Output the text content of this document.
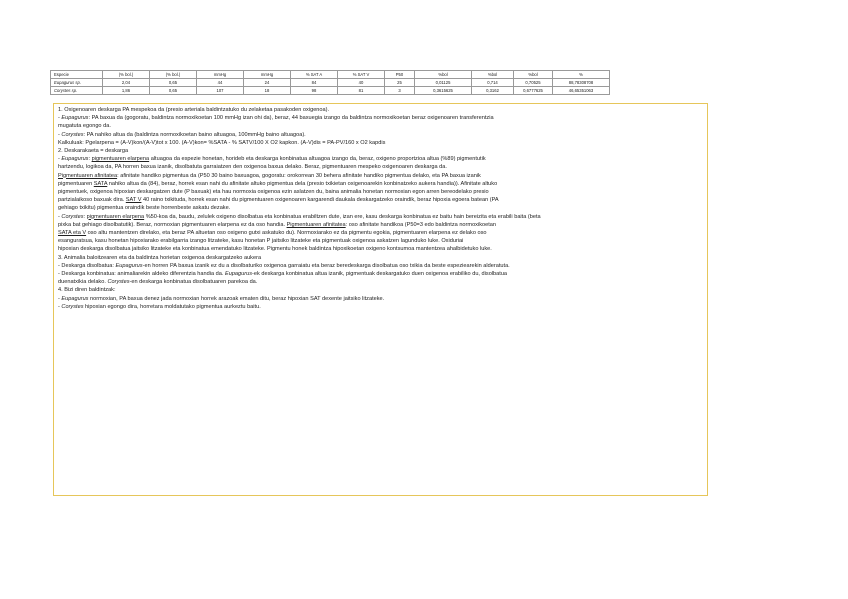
Especie	(% bol.)	(% bol.)	mmHg	mmHg	% SAT A	% SAT V	P50	%bol	%bol	%bol	%
Eupagurus sp.	2,04	0,65	44	24	84	40	25	0,01125	0,714	0,70525	88,78308708
Corystes sp.	1,86	0,65	107	18	98	81	3	0,3615625	0,3162	0,6777625	46,65351063

1. Oxigenoaren deskarga PA mespekoa da (presio arteriala baldintzatuko du zelaketaa pasakoden oxigenoa).

- Eupagurus: PA baxua da (gogoratu, baldintza normoxikoetan 100 mmHg izan ohi da), beraz, 44 baxuegia izango da baldintza normoxikoetan beraz oxigenoaren transferentzia

mugatuta egongo da.

- Corystes: PA nahiko altua da (baldintza normoxikoetan baino altuagoa, 100mmHg baino altuagoa).

Kalkuluak: Pgelarpena = (A-V)kon/(A-V)tot x 100. (A-V)kon= %SATA - % SATV/100 X O2 kapkon. (A-V)dis = PA-PV/160 x O2 kapdis

2. Deskarakaeta = deskarga

- Eupagurus: pigmentuaren elarpena altuagoa da espezie honetan, horideb eta deskarga konbinatua altuagoa izango da, beraz, oxigeno proportzioa altua (%89) pigmentutik

hartzendu, logikoa da, PA horren baxua izanik, disolbatuta garraiatzen den oxigenoa baxua delako. Beraz, pigmentuaren mespeko oxigenoaren deskarga da.

Pigmentuaren afinitatea: afinitate handiko pigmentua da (P50 30 baino baxuagoa, gogoratu: orokorrean 30 behera afinitate handiko pigmentua delako, eta PA baxua izanik

pigmentuaren SATA nahiko altua da (84), beraz, horrek esan nahi du afinitate altuko pigmentua dela (presio txikietan oxigenoarekin konbinatzeko aukera handia)). Afinitate altuko

pigmentuek, oxigenoa hipoxian deskargatzen dute (P baxuak) eta hau normoxia oxigenoa ezin aslatzen du, baina animalia honetan normoxian egon arren bereodelako presio

partzialaikoso baxuak dira. SAT V 40 raino txikituda, horrek esan nahi du pigmentuaren oxigenoaren kargarendi daukala deskargatzeko oraindik, beraz hipoxia egoera batean (PA

gehiago txikitu) pigmentua oraindik beste horrenbeste askatu dezake.

- Corystes: pigmentuaren elarpena %50-koa da, baudu, zelulek oxigeno disolbatua eta konbinatua erabiltzen dute, izan ere, kasu deskarga konbinatua ez baitu hain bereizita eta erabili baita (beta

pixka bat gehiago disolbatutik). Beraz, normoxian pigmentuaren elarpena ez da oso handia. Pigmentuaren afinitatea: oso afinitate handikoa (P50=3 edo baldintza normoxikoetan

SATA eta V oso altu mantentzen direlako, eta beraz PA altuetan oso oxigeno gutxi askatuko du). Normoxiarako ez da pigmentu egokia, pigmentuaren elarpena ez delako oso

esanguratsua, kasu honetan hipoxiarako erabilgarria izango litzateke, kasu honetan P jaitsiko litzateke eta pigmentuak oxigenoa askatzen lagunduko luke. Oxiduriai

hipoxian deskarga disolbatua jaitsiko litzateke eta konbinatua emendatuko litzateke. Pigmentu honek baldintza hipoxikoetan oxigeno kontsumoa mantentzea ahalbidetuko luke.

3. Animalia baloitzearen eta da baldintza horietan oxigenoa deskargatzeko aukera

- Deskarga disolbatua: Eupagurus-en horren PA baxua izanik ez du a disolbaturiko oxigenoa garraiatu eta beraz beredeskarga disolbatua oso txikia da beste espeziearekin alderatuta.

- Deskarga konbinatua: animaliarekin aldeko diferentzia handia da. Eupagurus-ek deskarga konbinatua altua izanik, pigmentuak deskargatuko duen oxigenoa erabiliko du, disolbatua

duenatxikia delako. Corystes-en deskarga konbinatua disolbatuaren parekoa da.

4. Bizi diren baldintzak:

- Eupagurus normoxian, PA baxua denez jada normoxian horrek arazoak ematen ditu, beraz hipoxian SAT dexente jaitsiko litzateke.

- Corystes hipoxian egongo dira, horretara moldatutako pigmentua aurkeztu baitu.
